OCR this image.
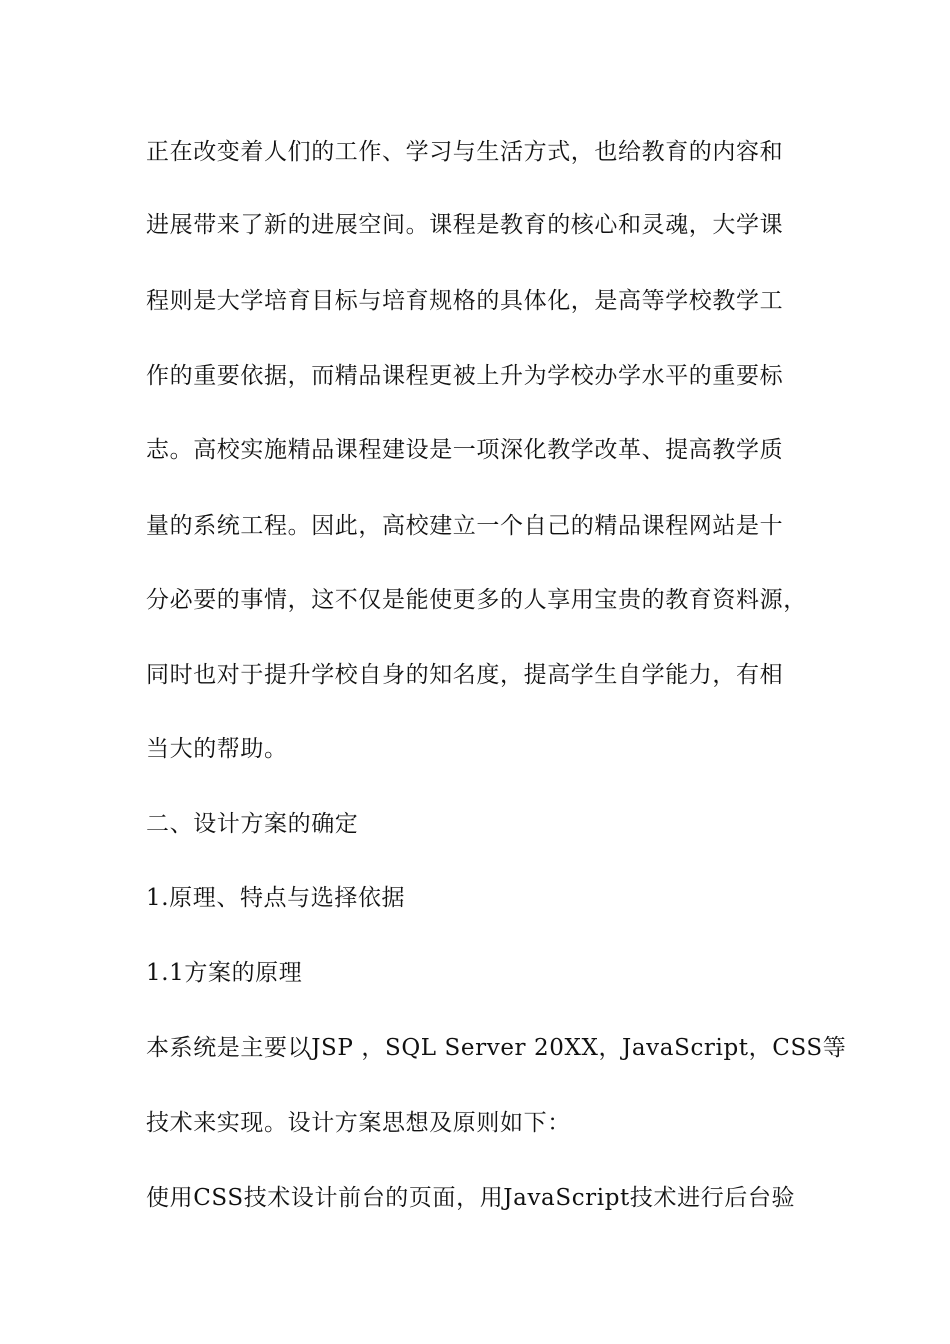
正在改变着人们的工作、学习与生活方式，也给教育的内容和
进展带来了新的进展空间。课程是教育的核心和灵魂，大学课
程则是大学培育目标与培育规格的具体化，是高等学校教学工
作的重要依据，而精品课程更被上升为学校办学水平的重要标
志。高校实施精品课程建设是一项深化教学改革、提高教学质
量的系统工程。因此，高校建立一个自己的精品课程网站是十
分必要的事情，这不仅是能使更多的人享用宝贵的教育资料源，
同时也对于提升学校自身的知名度，提高学生自学能力，有相
当大的帮助。
二、设计方案的确定
1.原理、特点与选择依据
1.1方案的原理
本系统是主要以JSP ，SQL Server 20XX，JavaScript，CSS等
技术来实现。设计方案思想及原则如下：
使用CSS技术设计前台的页面，用JavaScript技术进行后台验
